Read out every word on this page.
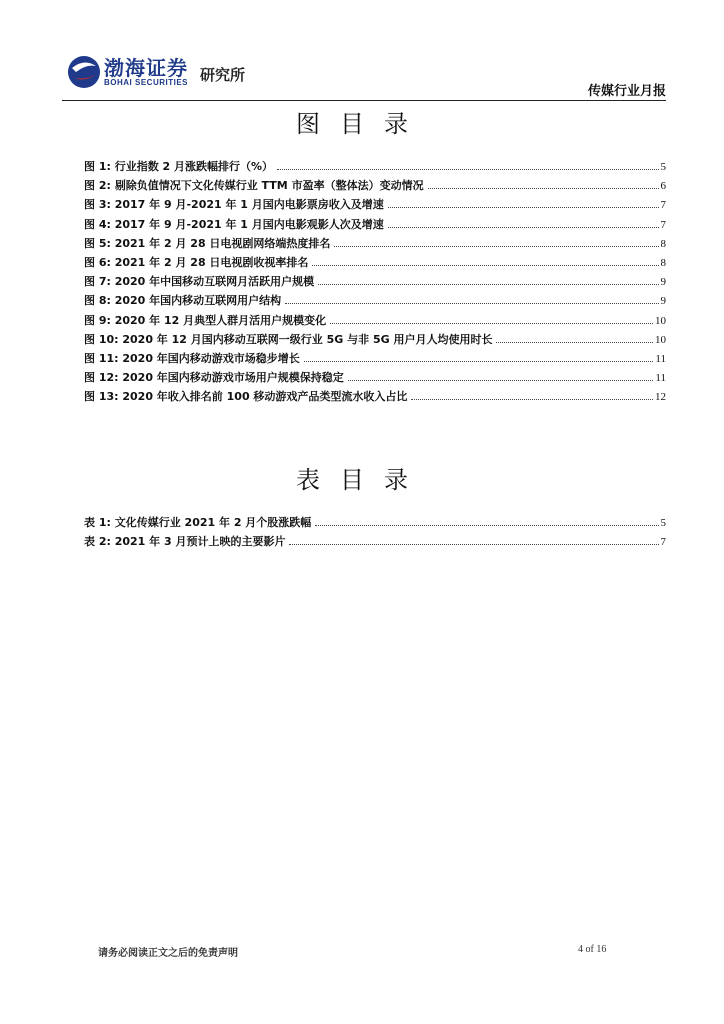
渤海证券
BOHAI SECURITIES 研究所
传媒行业月报
图目录
图 1: 行业指数 2 月涨跌幅排行（%）	5
图 2: 剔除负值情况下文化传媒行业 TTM 市盈率（整体法）变动情况	6
图 3: 2017 年 9 月-2021 年 1 月国内电影票房收入及增速	7
图 4: 2017 年 9 月-2021 年 1 月国内电影观影人次及增速	7
图 5: 2021 年 2 月 28 日电视剧网络端热度排名	8
图 6: 2021 年 2 月 28 日电视剧收视率排名	8
图 7: 2020 年中国移动互联网月活跃用户规模	9
图 8: 2020 年国内移动互联网用户结构	9
图 9: 2020 年 12 月典型人群月活用户规模变化	10
图 10: 2020 年 12 月国内移动互联网一级行业 5G 与非 5G 用户月人均使用时长	10
图 11: 2020 年国内移动游戏市场稳步增长	11
图 12: 2020 年国内移动游戏市场用户规模保持稳定	11
图 13: 2020 年收入排名前 100 移动游戏产品类型流水收入占比	12
表目录
表 1: 文化传媒行业 2021 年 2 月个股涨跌幅	5
表 2: 2021 年 3 月预计上映的主要影片	7
请务必阅读正文之后的免责声明	4 of 16
